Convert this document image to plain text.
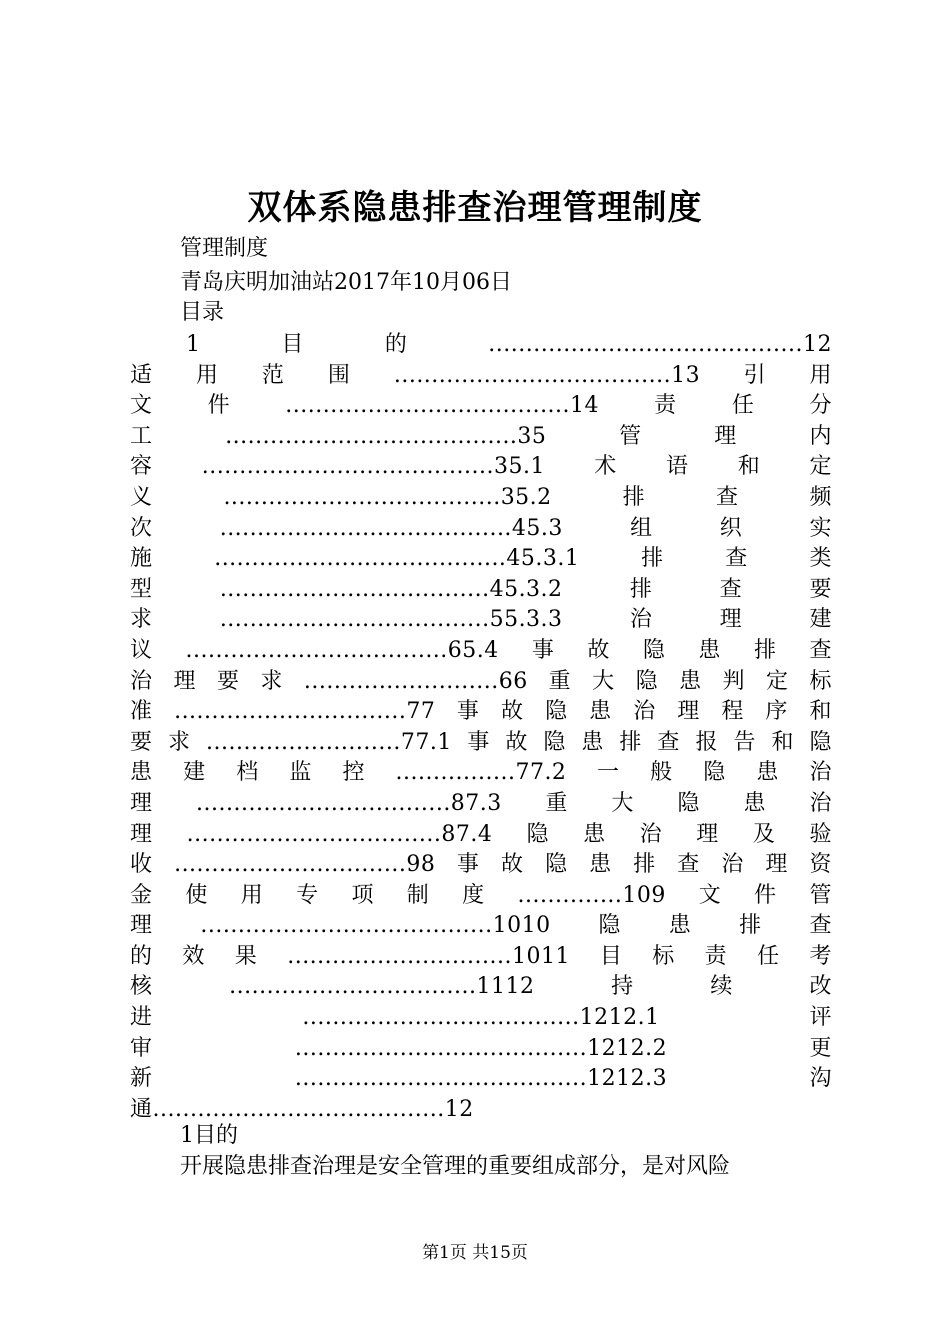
双体系隐患排查治理管理制度
管理制度
青岛庆明加油站2017年10月06日
目录
1目的..........................................12
适用范围.....................................13引用
文件......................................14责任分
工.......................................35管理内
容.......................................35.1术语和定
义.....................................35.2排查频
次.......................................45.3组织实
施.......................................45.3.1排查类
型....................................45.3.2排查要
求....................................55.3.3治理建
议...................................65.4事故隐患排查
治理要求..........................66重大隐患判定标
准...............................77事故隐患治理程序和
要求..........................77.1事故隐患排查报告和隐
患建档监控................77.2一般隐患治
理..................................87.3重大隐患治
理..................................87.4隐患治理及验
收...............................98事故隐患排查治理资
金使用专项制度..............109文件管
理.......................................1010隐患排查
的效果..............................1011目标责任考
核.................................1112持续改
进.....................................1212.1评
审.......................................1212.2更
新.......................................1212.3沟
通.......................................12
1目的
开展隐患排查治理是安全管理的重要组成部分，是对风险
第1页 共15页
